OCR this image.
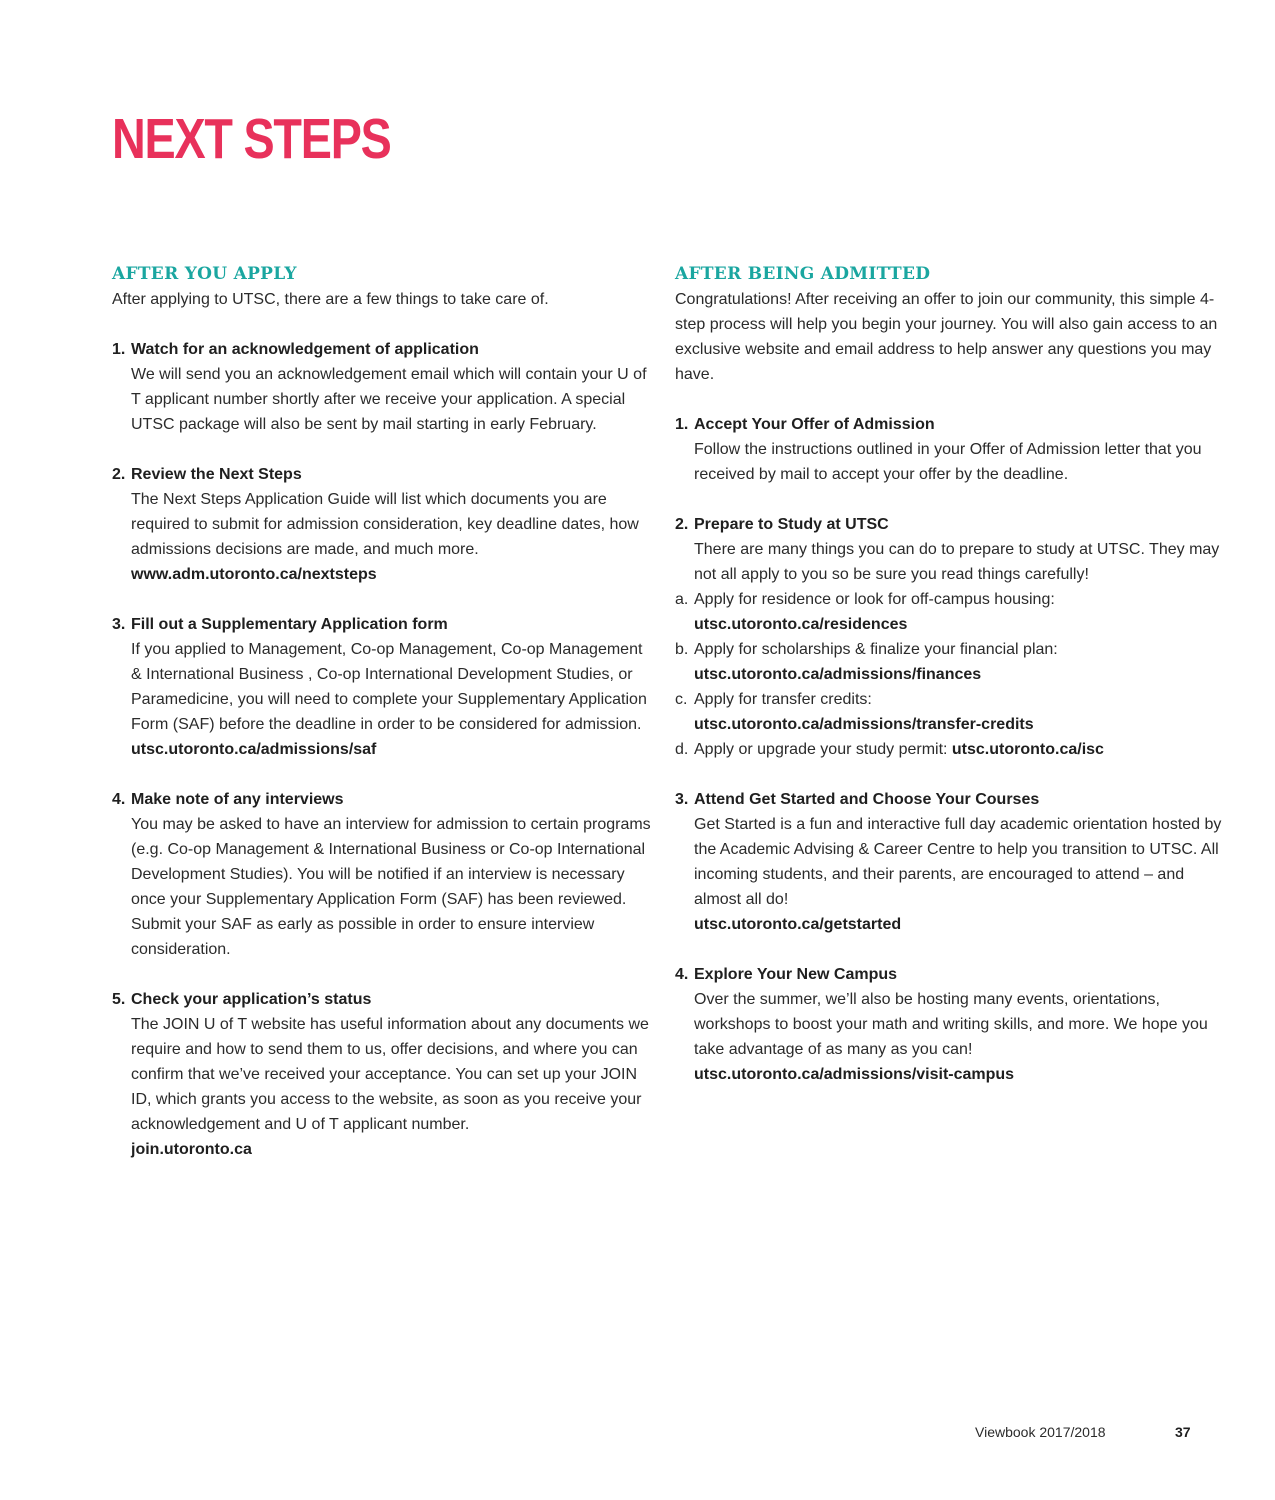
NEXT STEPS
AFTER YOU APPLY
After applying to UTSC, there are a few things to take care of.
1. Watch for an acknowledgement of application
We will send you an acknowledgement email which will contain your U of T applicant number shortly after we receive your application. A special UTSC package will also be sent by mail starting in early February.
2. Review the Next Steps
The Next Steps Application Guide will list which documents you are required to submit for admission consideration, key deadline dates, how admissions decisions are made, and much more.
www.adm.utoronto.ca/nextsteps
3. Fill out a Supplementary Application form
If you applied to Management, Co-op Management, Co-op Management & International Business , Co-op International Development Studies, or Paramedicine, you will need to complete your Supplementary Application Form (SAF) before the deadline in order to be considered for admission.
utsc.utoronto.ca/admissions/saf
4. Make note of any interviews
You may be asked to have an interview for admission to certain programs (e.g. Co-op Management & International Business or Co-op International Development Studies). You will be notified if an interview is necessary once your Supplementary Application Form (SAF) has been reviewed. Submit your SAF as early as possible in order to ensure interview consideration.
5. Check your application’s status
The JOIN U of T website has useful information about any documents we require and how to send them to us, offer decisions, and where you can confirm that we’ve received your acceptance. You can set up your JOIN ID, which grants you access to the website, as soon as you receive your acknowledgement and U of T applicant number.
join.utoronto.ca
AFTER BEING ADMITTED
Congratulations! After receiving an offer to join our community, this simple 4-step process will help you begin your journey. You will also gain access to an exclusive website and email address to help answer any questions you may have.
1. Accept Your Offer of Admission
Follow the instructions outlined in your Offer of Admission letter that you received by mail to accept your offer by the deadline.
2. Prepare to Study at UTSC
There are many things you can do to prepare to study at UTSC. They may not all apply to you so be sure you read things carefully!
a. Apply for residence or look for off-campus housing:
utsc.utoronto.ca/residences
b. Apply for scholarships & finalize your financial plan:
utsc.utoronto.ca/admissions/finances
c. Apply for transfer credits:
utsc.utoronto.ca/admissions/transfer-credits
d. Apply or upgrade your study permit: utsc.utoronto.ca/isc
3. Attend Get Started and Choose Your Courses
Get Started is a fun and interactive full day academic orientation hosted by the Academic Advising & Career Centre to help you transition to UTSC. All incoming students, and their parents, are encouraged to attend – and almost all do!
utsc.utoronto.ca/getstarted
4. Explore Your New Campus
Over the summer, we’ll also be hosting many events, orientations, workshops to boost your math and writing skills, and more. We hope you take advantage of as many as you can!
utsc.utoronto.ca/admissions/visit-campus
Viewbook 2017/2018	37
